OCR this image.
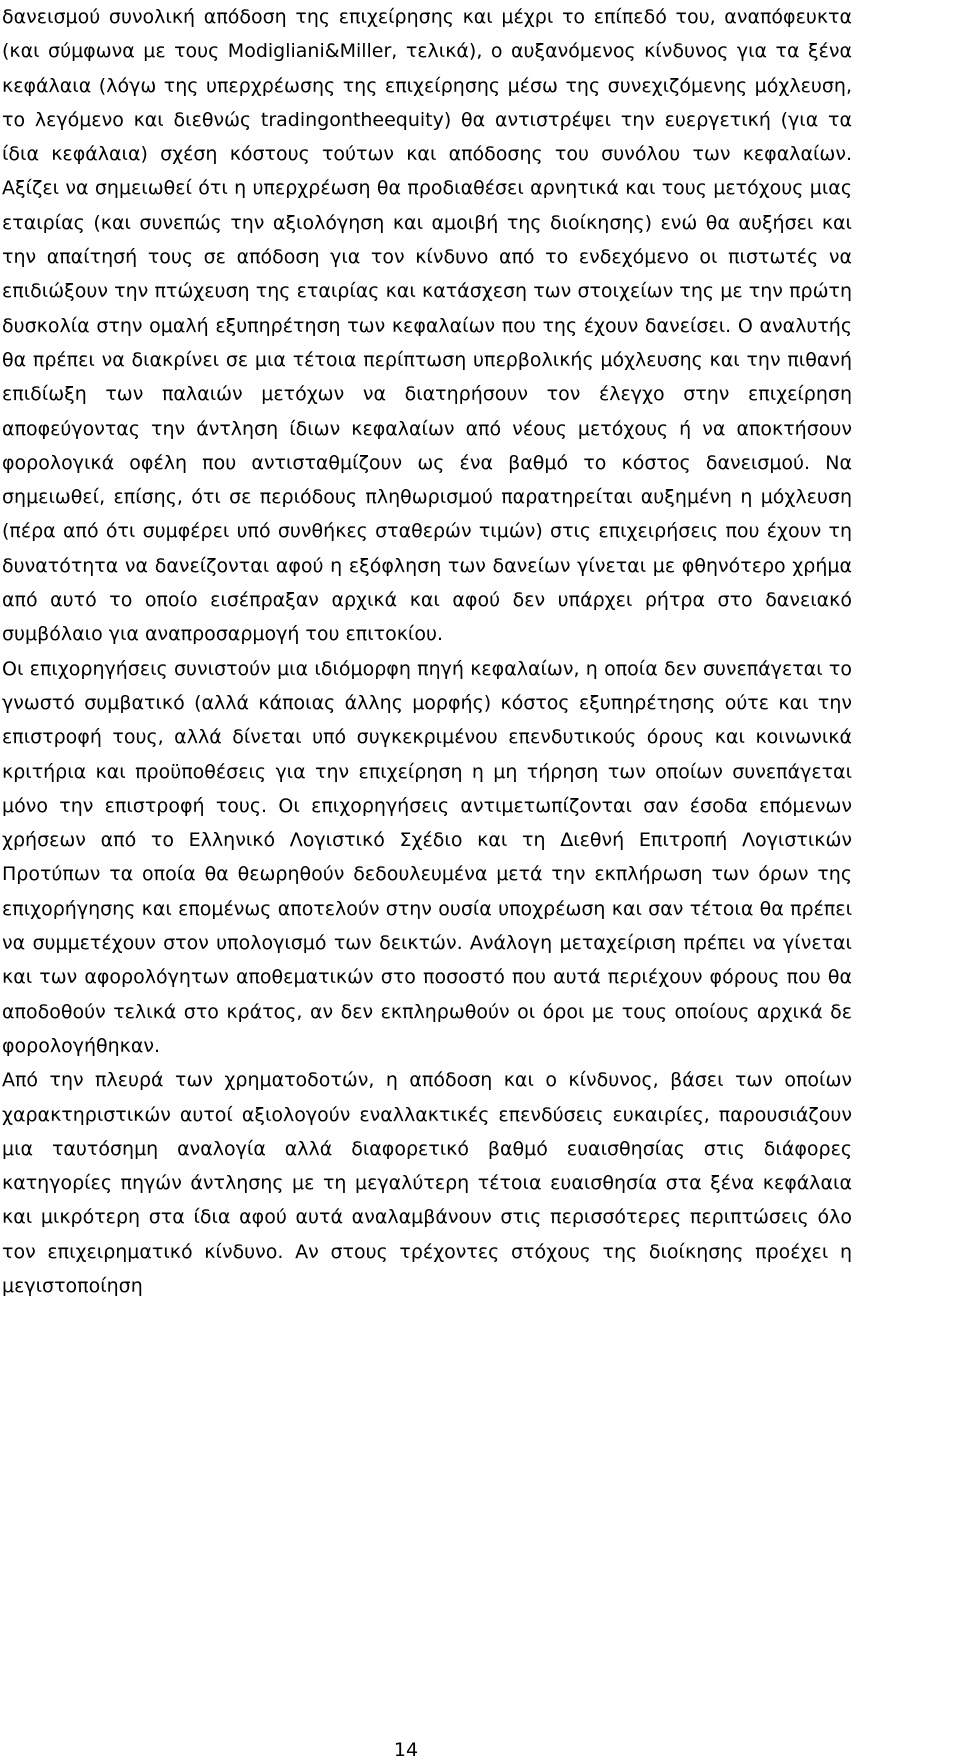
δανεισμού συνολική απόδοση της επιχείρησης και μέχρι το επίπεδό του, αναπόφευκτα (και σύμφωνα με τους Modigliani&Miller, τελικά), ο αυξανόμενος κίνδυνος για τα ξένα κεφάλαια (λόγω της υπερχρέωσης της επιχείρησης μέσω της συνεχιζόμενης μόχλευση, το λεγόμενο και διεθνώς tradingontheequity) θα αντιστρέψει την ευεργετική (για τα ίδια κεφάλαια) σχέση κόστους τούτων και απόδοσης του συνόλου των κεφαλαίων. Αξίζει να σημειωθεί ότι η υπερχρέωση θα προδιαθέσει αρνητικά και τους μετόχους μιας εταιρίας (και συνεπώς την αξιολόγηση και αμοιβή της διοίκησης) ενώ θα αυξήσει και την απαίτησή τους σε απόδοση για τον κίνδυνο από το ενδεχόμενο οι πιστωτές να επιδιώξουν την πτώχευση της εταιρίας και κατάσχεση των στοιχείων της με την πρώτη δυσκολία στην ομαλή εξυπηρέτηση των κεφαλαίων που της έχουν δανείσει. Ο αναλυτής θα πρέπει να διακρίνει σε μια τέτοια περίπτωση υπερβολικής μόχλευσης και την πιθανή επιδίωξη των παλαιών μετόχων να διατηρήσουν τον έλεγχο στην επιχείρηση αποφεύγοντας την άντληση ίδιων κεφαλαίων από νέους μετόχους ή να αποκτήσουν φορολογικά οφέλη που αντισταθμίζουν ως ένα βαθμό το κόστος δανεισμού. Να σημειωθεί, επίσης, ότι σε περιόδους πληθωρισμού παρατηρείται αυξημένη η μόχλευση (πέρα από ότι συμφέρει υπό συνθήκες σταθερών τιμών) στις επιχειρήσεις που έχουν τη δυνατότητα να δανείζονται αφού η εξόφληση των δανείων γίνεται με φθηνότερο χρήμα από αυτό το οποίο εισέπραξαν αρχικά και αφού δεν υπάρχει ρήτρα στο δανειακό συμβόλαιο για αναπροσαρμογή του επιτοκίου.

Οι επιχορηγήσεις συνιστούν μια ιδιόμορφη πηγή κεφαλαίων, η οποία δεν συνεπάγεται το γνωστό συμβατικό (αλλά κάποιας άλλης μορφής) κόστος εξυπηρέτησης ούτε και την επιστροφή τους, αλλά δίνεται υπό συγκεκριμένου επενδυτικούς όρους και κοινωνικά κριτήρια και προϋποθέσεις για την επιχείρηση η μη τήρηση των οποίων συνεπάγεται μόνο την επιστροφή τους. Οι επιχορηγήσεις αντιμετωπίζονται σαν έσοδα επόμενων χρήσεων από το Ελληνικό Λογιστικό Σχέδιο και τη Διεθνή Επιτροπή Λογιστικών Προτύπων τα οποία θα θεωρηθούν δεδουλευμένα μετά την εκπλήρωση των όρων της επιχορήγησης και επομένως αποτελούν στην ουσία υποχρέωση και σαν τέτοια θα πρέπει να συμμετέχουν στον υπολογισμό των δεικτών. Ανάλογη μεταχείριση πρέπει να γίνεται και των αφορολόγητων αποθεματικών στο ποσοστό που αυτά περιέχουν φόρους που θα αποδοθούν τελικά στο κράτος, αν δεν εκπληρωθούν οι όροι με τους οποίους αρχικά δε φορολογήθηκαν.

Από την πλευρά των χρηματοδοτών, η απόδοση και ο κίνδυνος, βάσει των οποίων χαρακτηριστικών αυτοί αξιολογούν εναλλακτικές επενδύσεις ευκαιρίες, παρουσιάζουν μια ταυτόσημη αναλογία αλλά διαφορετικό βαθμό ευαισθησίας στις διάφορες κατηγορίες πηγών άντλησης με τη μεγαλύτερη τέτοια ευαισθησία στα ξένα κεφάλαια και μικρότερη στα ίδια αφού αυτά αναλαμβάνουν στις περισσότερες περιπτώσεις όλο τον επιχειρηματικό κίνδυνο. Αν στους τρέχοντες στόχους της διοίκησης προέχει η μεγιστοποίηση

14
